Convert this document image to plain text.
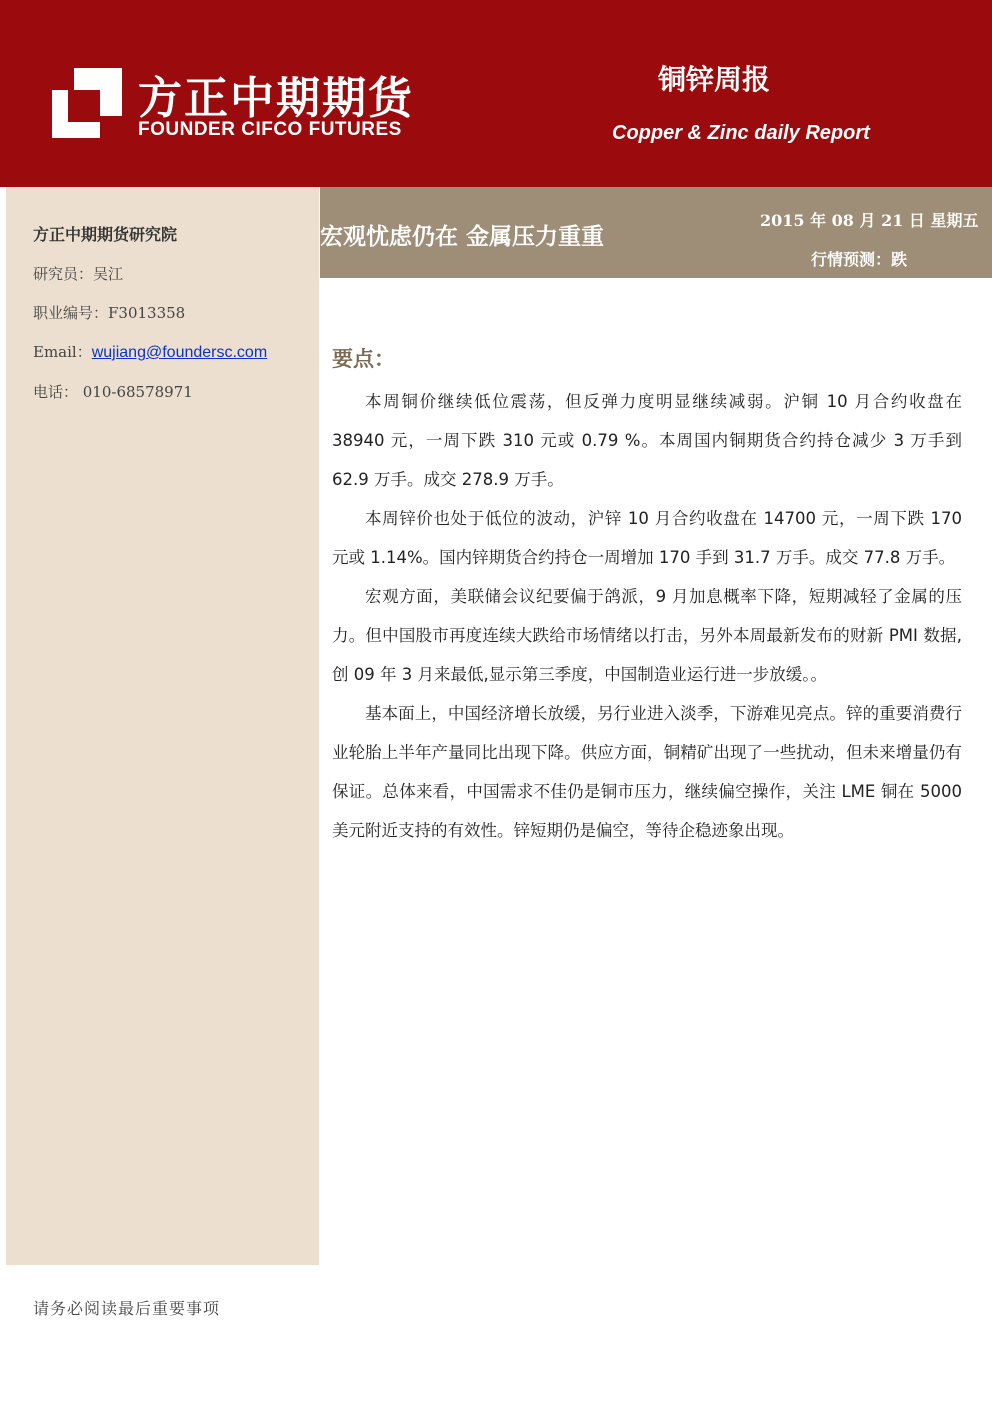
方正中期期货
FOUNDER CIFCO FUTURES
铜锌周报
Copper & Zinc daily Report
方正中期期货研究院
研究员：吴江
职业编号：F3013358
Email：wujiang@foundersc.com
电话： 010-68578971
宏观忧虑仍在 金属压力重重
2015 年 08 月 21 日 星期五
行情预测：跌
要点：

本周铜价继续低位震荡，但反弹力度明显继续减弱。沪铜 10 月合约收盘在 38940 元，一周下跌 310 元或 0.79 %。本周国内铜期货合约持仓减少 3 万手到 62.9 万手。成交 278.9 万手。

本周锌价也处于低位的波动，沪锌 10 月合约收盘在 14700 元，一周下跌 170 元或 1.14%。国内锌期货合约持仓一周增加 170 手到 31.7 万手。成交 77.8 万手。

宏观方面，美联储会议纪要偏于鸽派，9 月加息概率下降，短期减轻了金属的压力。但中国股市再度连续大跌给市场情绪以打击，另外本周最新发布的财新 PMI 数据,创 09 年 3 月来最低,显示第三季度，中国制造业运行进一步放缓。。

基本面上，中国经济增长放缓，另行业进入淡季，下游难见亮点。锌的重要消费行业轮胎上半年产量同比出现下降。供应方面，铜精矿出现了一些扰动，但未来增量仍有保证。总体来看，中国需求不佳仍是铜市压力，继续偏空操作，关注 LME 铜在 5000 美元附近支持的有效性。锌短期仍是偏空，等待企稳迹象出现。

请务必阅读最后重要事项
